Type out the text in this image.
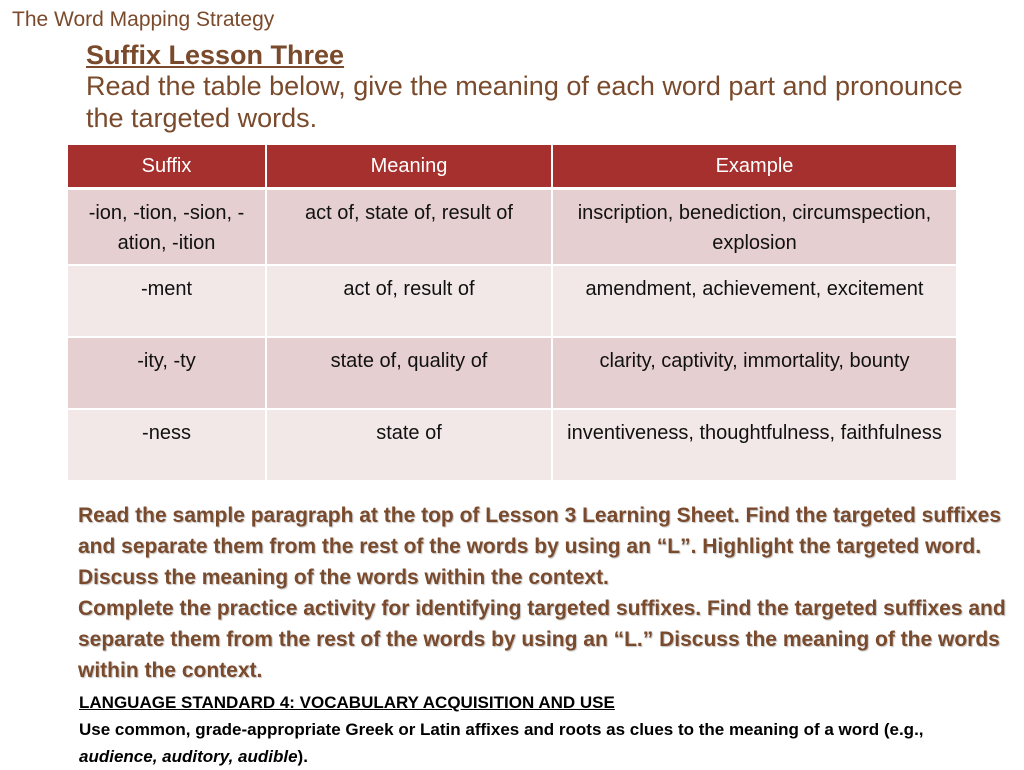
The Word Mapping Strategy
Suffix Lesson Three
Read the table below, give the meaning of each word part and pronounce the targeted words.
Suffix	Meaning	Example
-ion, -tion, -sion, -ation, -ition	act of, state of, result of	inscription, benediction, circumspection, explosion
-ment	act of, result of	amendment, achievement, excitement
-ity, -ty	state of, quality of	clarity, captivity, immortality, bounty
-ness	state of	inventiveness, thoughtfulness, faithfulness

Read the sample paragraph at the top of Lesson 3 Learning Sheet. Find the targeted suffixes and separate them from the rest of the words by using an “L”. Highlight the targeted word. Discuss the meaning of the words within the context.

Complete the practice activity for identifying targeted suffixes. Find the targeted suffixes and separate them from the rest of the words by using an “L.” Discuss the meaning of the words within the context.

LANGUAGE STANDARD 4: VOCABULARY ACQUISITION AND USE

Use common, grade-appropriate Greek or Latin affixes and roots as clues to the meaning of a word (e.g., audience, auditory, audible).
